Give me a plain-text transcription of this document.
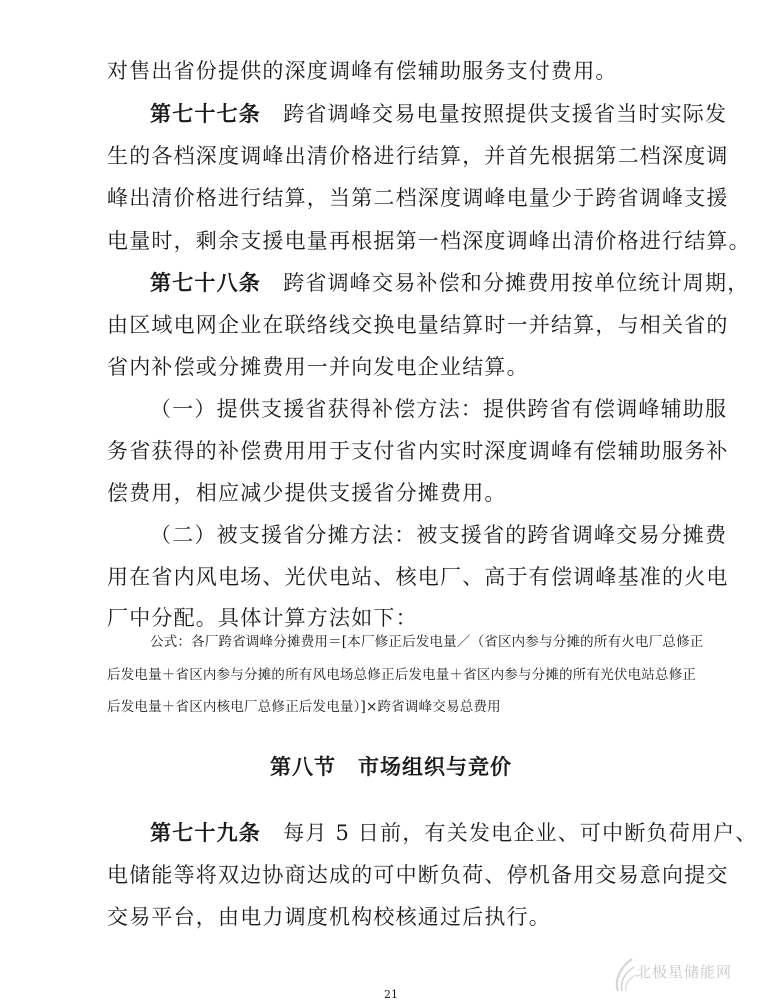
对售出省份提供的深度调峰有偿辅助服务支付费用。
第七十七条　 跨省调峰交易电量按照提供支援省当时实际发
生的各档深度调峰出清价格进行结算，并首先根据第二档深度调
峰出清价格进行结算，当第二档深度调峰电量少于跨省调峰支援
电量时，剩余支援电量再根据第一档深度调峰出清价格进行结算。
第七十八条　 跨省调峰交易补偿和分摊费用按单位统计周期，
由区域电网企业在联络线交换电量结算时一并结算，与相关省的
省内补偿或分摊费用一并向发电企业结算。
（一）提供支援省获得补偿方法：提供跨省有偿调峰辅助服
务省获得的补偿费用用于支付省内实时深度调峰有偿辅助服务补
偿费用，相应减少提供支援省分摊费用。
（二）被支援省分摊方法：被支援省的跨省调峰交易分摊费
用在省内风电场、光伏电站、核电厂、高于有偿调峰基准的火电
厂中分配。具体计算方法如下：
公式：各厂跨省调峰分摊费用＝[本厂修正后发电量／（省区内参与分摊的所有火电厂总修正
后发电量＋省区内参与分摊的所有风电场总修正后发电量＋省区内参与分摊的所有光伏电站总修正
后发电量＋省区内核电厂总修正后发电量）]×跨省调峰交易总费用
第八节　市场组织与竞价
第七十九条　 每月 5 日前，有关发电企业、可中断负荷用户、
电储能等将双边协商达成的可中断负荷、停机备用交易意向提交
交易平台，由电力调度机构校核通过后执行。
北极星储能网
21
